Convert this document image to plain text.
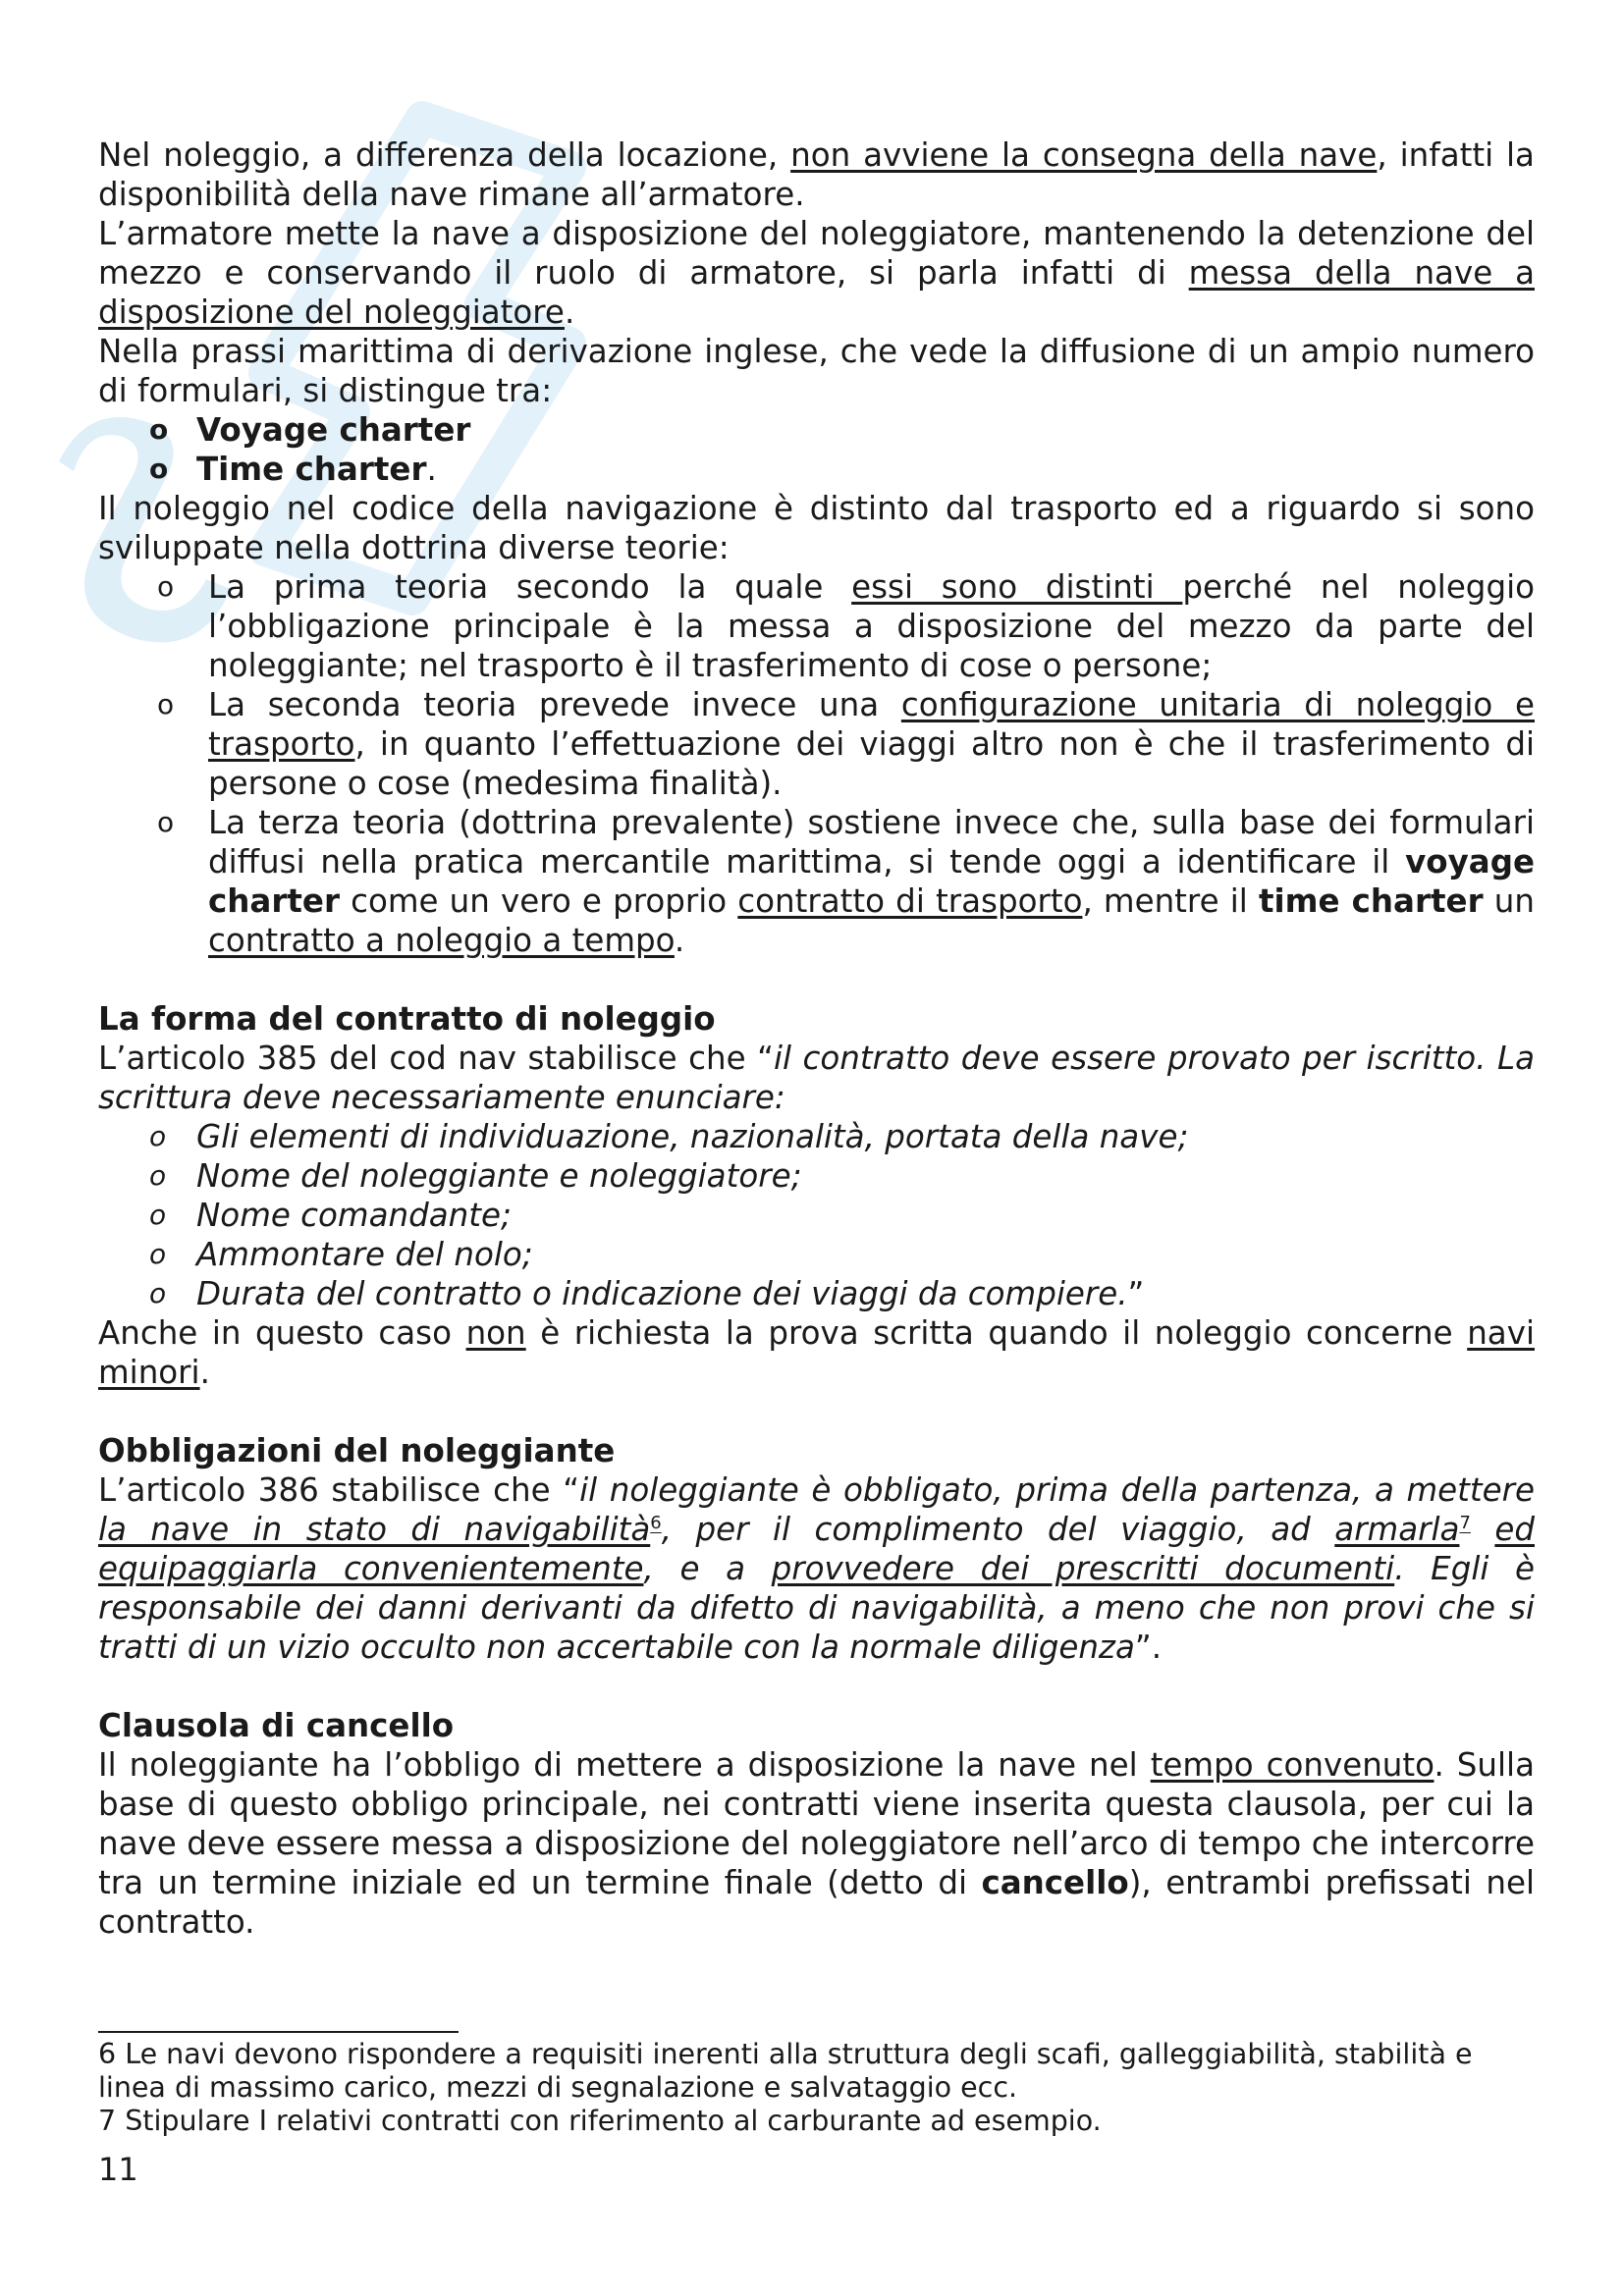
Nel noleggio, a differenza della locazione, non avviene la consegna della nave, infatti la disponibilità della nave rimane all’armatore.

L’armatore mette la nave a disposizione del noleggiatore, mantenendo la detenzione del mezzo e conservando il ruolo di armatore, si parla infatti di messa della nave a disposizione del noleggiatore.

Nella prassi marittima di derivazione inglese, che vede la diffusione di un ampio numero di formulari, si distingue tra:

o Voyage charter
o Time charter.

Il noleggio nel codice della navigazione è distinto dal trasporto ed a riguardo si sono sviluppate nella dottrina diverse teorie:

o La prima teoria secondo la quale essi sono distinti perché nel noleggio l’obbligazione principale è la messa a disposizione del mezzo da parte del noleggiante; nel trasporto è il trasferimento di cose o persone;
o La seconda teoria prevede invece una configurazione unitaria di noleggio e trasporto, in quanto l’effettuazione dei viaggi altro non è che il trasferimento di persone o cose (medesima finalità).
o La terza teoria (dottrina prevalente) sostiene invece che, sulla base dei formulari diffusi nella pratica mercantile marittima, si tende oggi a identificare il voyage charter come un vero e proprio contratto di trasporto, mentre il time charter un contratto a noleggio a tempo.
La forma del contratto di noleggio

L’articolo 385 del cod nav stabilisce che “il contratto deve essere provato per iscritto. La scrittura deve necessariamente enunciare:

o Gli elementi di individuazione, nazionalità, portata della nave;
o Nome del noleggiante e noleggiatore;
o Nome comandante;
o Ammontare del nolo;
o Durata del contratto o indicazione dei viaggi da compiere.”

Anche in questo caso non è richiesta la prova scritta quando il noleggio concerne navi minori.

Obbligazioni del noleggiante

L’articolo 386 stabilisce che “il noleggiante è obbligato, prima della partenza, a mettere la nave in stato di navigabilità$^6$, per il complimento del viaggio, ad armarla$^7$ ed equipaggiarla convenientemente, e a provvedere dei prescritti documenti. Egli è responsabile dei danni derivanti da difetto di navigabilità, a meno che non provi che si tratti di un vizio occulto non accertabile con la normale diligenza”.

Clausola di cancello

Il noleggiante ha l’obbligo di mettere a disposizione la nave nel tempo convenuto. Sulla base di questo obbligo principale, nei contratti viene inserita questa clausola, per cui la nave deve essere messa a disposizione del noleggiatore nell’arco di tempo che intercorre tra un termine iniziale ed un termine finale (detto di cancello), entrambi prefissati nel contratto.

6 Le navi devono rispondere a requisiti inerenti alla struttura degli scafi, galleggiabilità, stabilità e linea di massimo carico, mezzi di segnalazione e salvataggio ecc.
7 Stipulare I relativi contratti con riferimento al carburante ad esempio.
11
